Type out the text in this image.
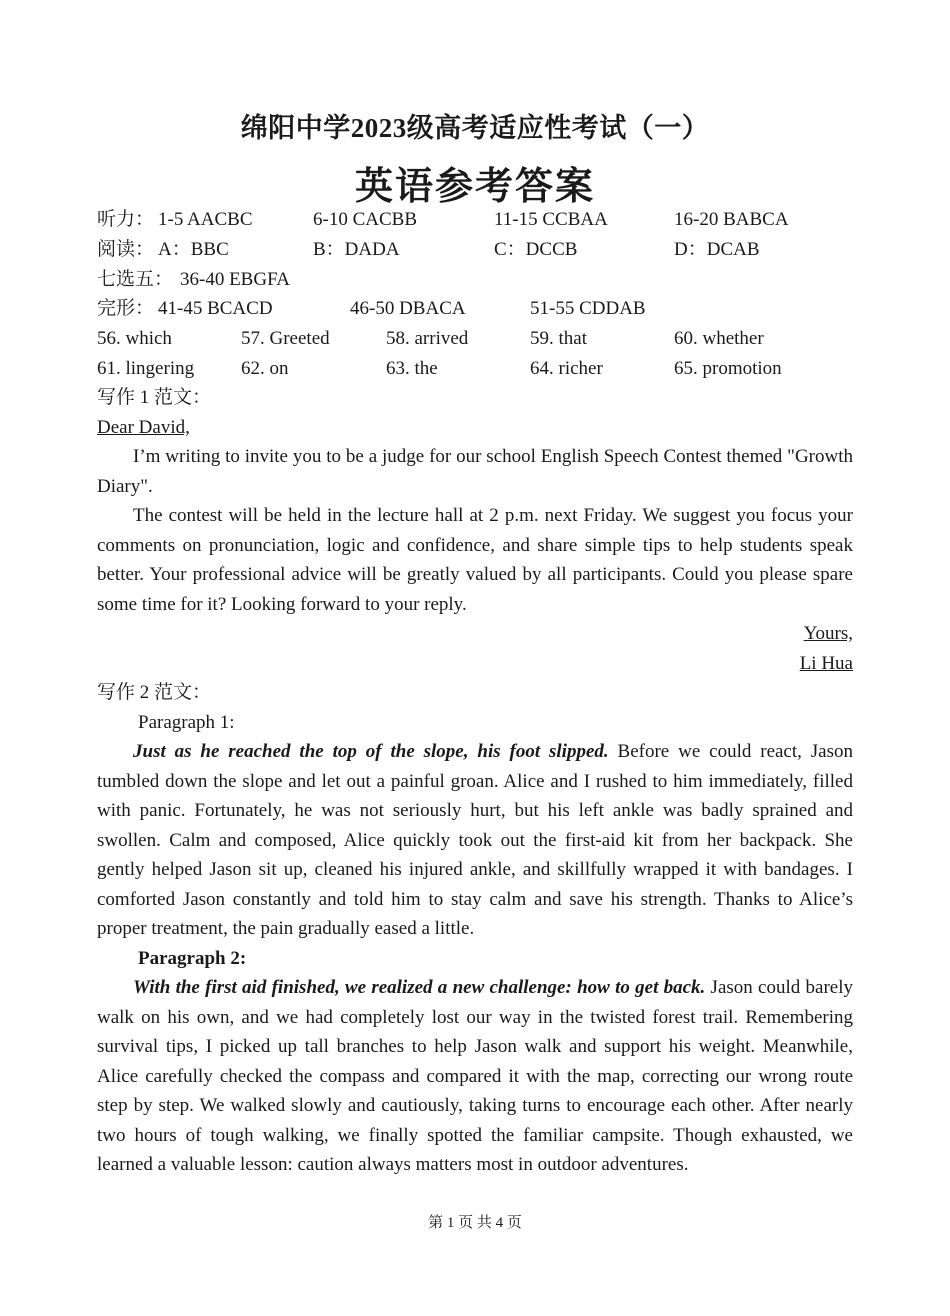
绵阳中学2023级高考适应性考试（一）
英语参考答案
听力： 1-5 AACBC	6-10 CACBB	11-15 CCBAA	16-20 BABCA
阅读： A：BBC	B：DADA	C：DCCB	D：DCAB
七选五： 36-40 EBGFA
完形： 41-45 BCACD	46-50 DBACA	51-55 CDDAB
56. which	57. Greeted	58. arrived	59. that	60. whether
61. lingering 62. on	63. the	64. richer	65. promotion
写作 1 范文：
Dear David,
I’m writing to invite you to be a judge for our school English Speech Contest themed "Growth Diary".
The contest will be held in the lecture hall at 2 p.m. next Friday. We suggest you focus your comments on pronunciation, logic and confidence, and share simple tips to help students speak better. Your professional advice will be greatly valued by all participants. Could you please spare some time for it? Looking forward to your reply.
Yours,
Li Hua
写作 2 范文：
Paragraph 1:
Just as he reached the top of the slope, his foot slipped. Before we could react, Jason tumbled down the slope and let out a painful groan. Alice and I rushed to him immediately, filled with panic. Fortunately, he was not seriously hurt, but his left ankle was badly sprained and swollen. Calm and composed, Alice quickly took out the first-aid kit from her backpack. She gently helped Jason sit up, cleaned his injured ankle, and skillfully wrapped it with bandages. I comforted Jason constantly and told him to stay calm and save his strength. Thanks to Alice’s proper treatment, the pain gradually eased a little.
Paragraph 2:
With the first aid finished, we realized a new challenge: how to get back. Jason could barely walk on his own, and we had completely lost our way in the twisted forest trail. Remembering survival tips, I picked up tall branches to help Jason walk and support his weight. Meanwhile, Alice carefully checked the compass and compared it with the map, correcting our wrong route step by step. We walked slowly and cautiously, taking turns to encourage each other. After nearly two hours of tough walking, we finally spotted the familiar campsite. Though exhausted, we learned a valuable lesson: caution always matters most in outdoor adventures.
第 1 页 共 4 页
